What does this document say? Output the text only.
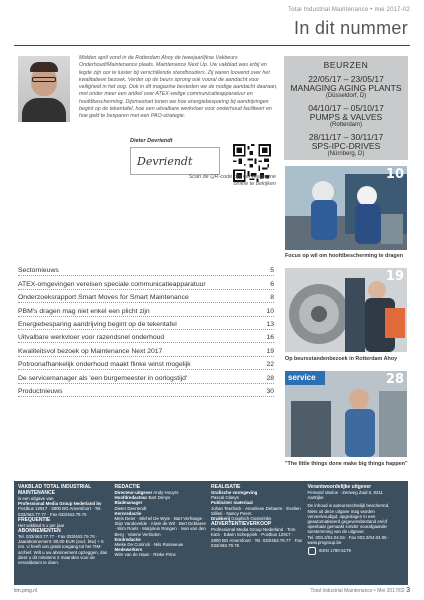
Total Industrial Maintenance • mei 2017-02
In dit nummer
Midden april vond in de Rotterdam Ahoy de tweejaarlijkse Vakbeurs Onderhoud/Maintenance plaats. Maintenance Next Up. Uw vakblad was erbij en legde zijn oor te luister bij verschillende standhouders. Zij waren loovend over het kwalitatieve bezoek. Verder op de beurs sprong ook vooral de aandacht voor veiligheid in het oog. Ook in dit magazine besteden we de nodige aandacht daaraan, met onder meer een artikel over ATEX-veilige communicatieapparatuur en hoofdbescherming. Dijsmastoet tonen we hoe energiebesparing bij aandrijvingen begint op de tekentafel, hoe een uitvalbare werkvloer voor onderhoud faciliteert en hoe geld te besparen met een PAO-strategie.
Dieter Devriendt
Devriendt
Scan de QR-code om het magazine online te bekijken
BEURZEN
22/05/17 – 23/05/17
MANAGING AGING PLANTS
(Düsseldorf, D)
04/10/17 – 05/10/17
PUMPS & VALVES
(Rotterdam)
28/11/17 – 30/11/17
SPS-IPC-DRIVES
(Nürnberg, D)
10
Focus op wil om hoofdbescherming te dragen
19
Op beursstandenbezoek in Rotterdam Ahoy
service	28
"The little things done make big things happen"
Sectornieuws	5
ATEX-omgevingen vereisen speciale communicatieapparatuur	6
Onderzoeksrapport Smart Moves for Smart Maintenance	8
PBM's dragen mag niet enkel een plicht zijn	10
Energiebesparing aandrijving begint op de tekentafel	13
Uitvalbare werkvloer voor razendsnel onderhoud	16
Kwaliteitsvol bezoek op Maintenance Next 2017	19
Potroonafhankelijk onderhoud maakt flinke winst mogelijk	22
De servicemanager als 'een burgemeester in oorlogstijd'	28
Productnieuws	30
VAKBLAD TOTAL INDUSTRIAL MAINTENANCE
is een uitgave van
Professional Media Group Nederland bv
Postbus 12917 · 2800 BG Amersfoort · Tel. 033/463.77.77 · Fax 033/463.79.76
FREQUENTIE
Het vakblad 5 x per jaar
ABONNEMENTEN
Tel. 033/463.77.77 · Fax 033/463.79.76 · Jaarabonnement: 80,00 EUR (excl. btw) + 5 nrs. U heeft van gratis toegang tot het TIM-archief. Wilt u uw abonnement opzeggen, dan dient u dit minstens 2 maanden voor de vervaldatum te doen.
REDACTIE
Directeur-uitgever Andy Hooyrs
Hoofdredacteur Bart Denys
Bladmanager
Dieter Devriendt
Kernredactie
Mels Deier · Michel De Wyte · Bart Verhaege · Stijn Vandevelde · Alwin de Wit · Bert Deblaere · Wim Roels · Marjolein Rongen · Ivan van den Berg · Valerie Verlinden
Eindredactie
Mieke De Coninck · Nils Rosseeuw
Medewerkers
Wim van de Haan · Rinke Prins
REALISATIE
Grafische vormgeving
Pascal Claeys
Publiciteir materiaal
Johan Teerlinck · Anneliese Debaere · Evelien Sillieti · Nancy Peers
Drukkerij Graphich Oosterinks
ADVERTENTIEVERKOOP
Professional Media Group Nederland · Tom Kats · Edwin Scheppink · Postbus 12917 · 2800 BG Amersfoort · Tel. 033/463.79.77 · Fax 033/463.79.76
Verantwoordelijke uitgever
Femand Vanloe · Zeeweg Zuid 5, 8211 Aartrijke
De inhoud is auteursrechtelijk beschermd. Niets uit deze uitgave mag worden verveelvoudigd, opgeslagen in een geautomatiseerd gegevensbestand en/of openbaar gemaakt zonder voorafgaande toestemming van de uitgever.
Tel. 003.2/04.04.04 · Fax 003.2/04.04.05 · www.pmgroup.be
ISSN 1780-5179
tim.pmg.nl	Total Industrial Maintenance • Mei 2017/02 3
